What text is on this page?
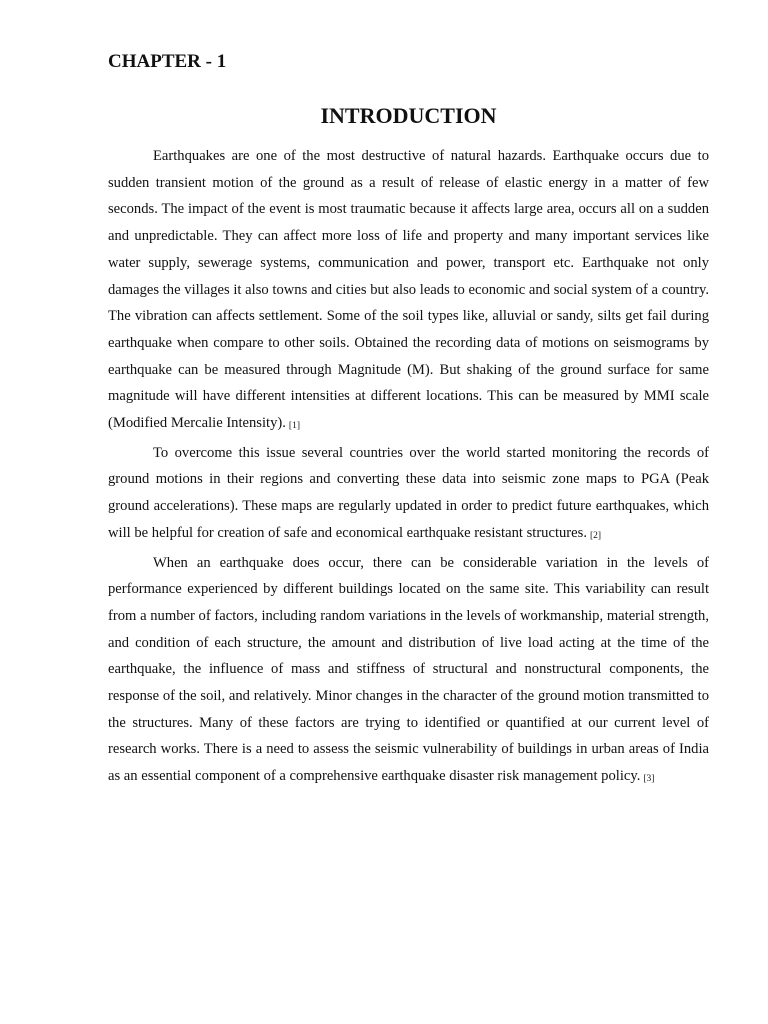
CHAPTER - 1
INTRODUCTION

Earthquakes are one of the most destructive of natural hazards. Earthquake occurs due to sudden transient motion of the ground as a result of release of elastic energy in a matter of few seconds. The impact of the event is most traumatic because it affects large area, occurs all on a sudden and unpredictable. They can affect more loss of life and property and many important services like water supply, sewerage systems, communication and power, transport etc. Earthquake not only damages the villages it also towns and cities but also leads to economic and social system of a country. The vibration can affects settlement. Some of the soil types like, alluvial or sandy, silts get fail during earthquake when compare to other soils. Obtained the recording data of motions on seismograms by earthquake can be measured through Magnitude (M). But shaking of the ground surface for same magnitude will have different intensities at different locations. This can be measured by MMI scale (Modified Mercalie Intensity). [1]

To overcome this issue several countries over the world started monitoring the records of ground motions in their regions and converting these data into seismic zone maps to PGA (Peak ground accelerations). These maps are regularly updated in order to predict future earthquakes, which will be helpful for creation of safe and economical earthquake resistant structures. [2]

When an earthquake does occur, there can be considerable variation in the levels of performance experienced by different buildings located on the same site. This variability can result from a number of factors, including random variations in the levels of workmanship, material strength, and condition of each structure, the amount and distribution of live load acting at the time of the earthquake, the influence of mass and stiffness of structural and nonstructural components, the response of the soil, and relatively. Minor changes in the character of the ground motion transmitted to the structures. Many of these factors are trying to identified or quantified at our current level of research works. There is a need to assess the seismic vulnerability of buildings in urban areas of India as an essential component of a comprehensive earthquake disaster risk management policy. [3]
